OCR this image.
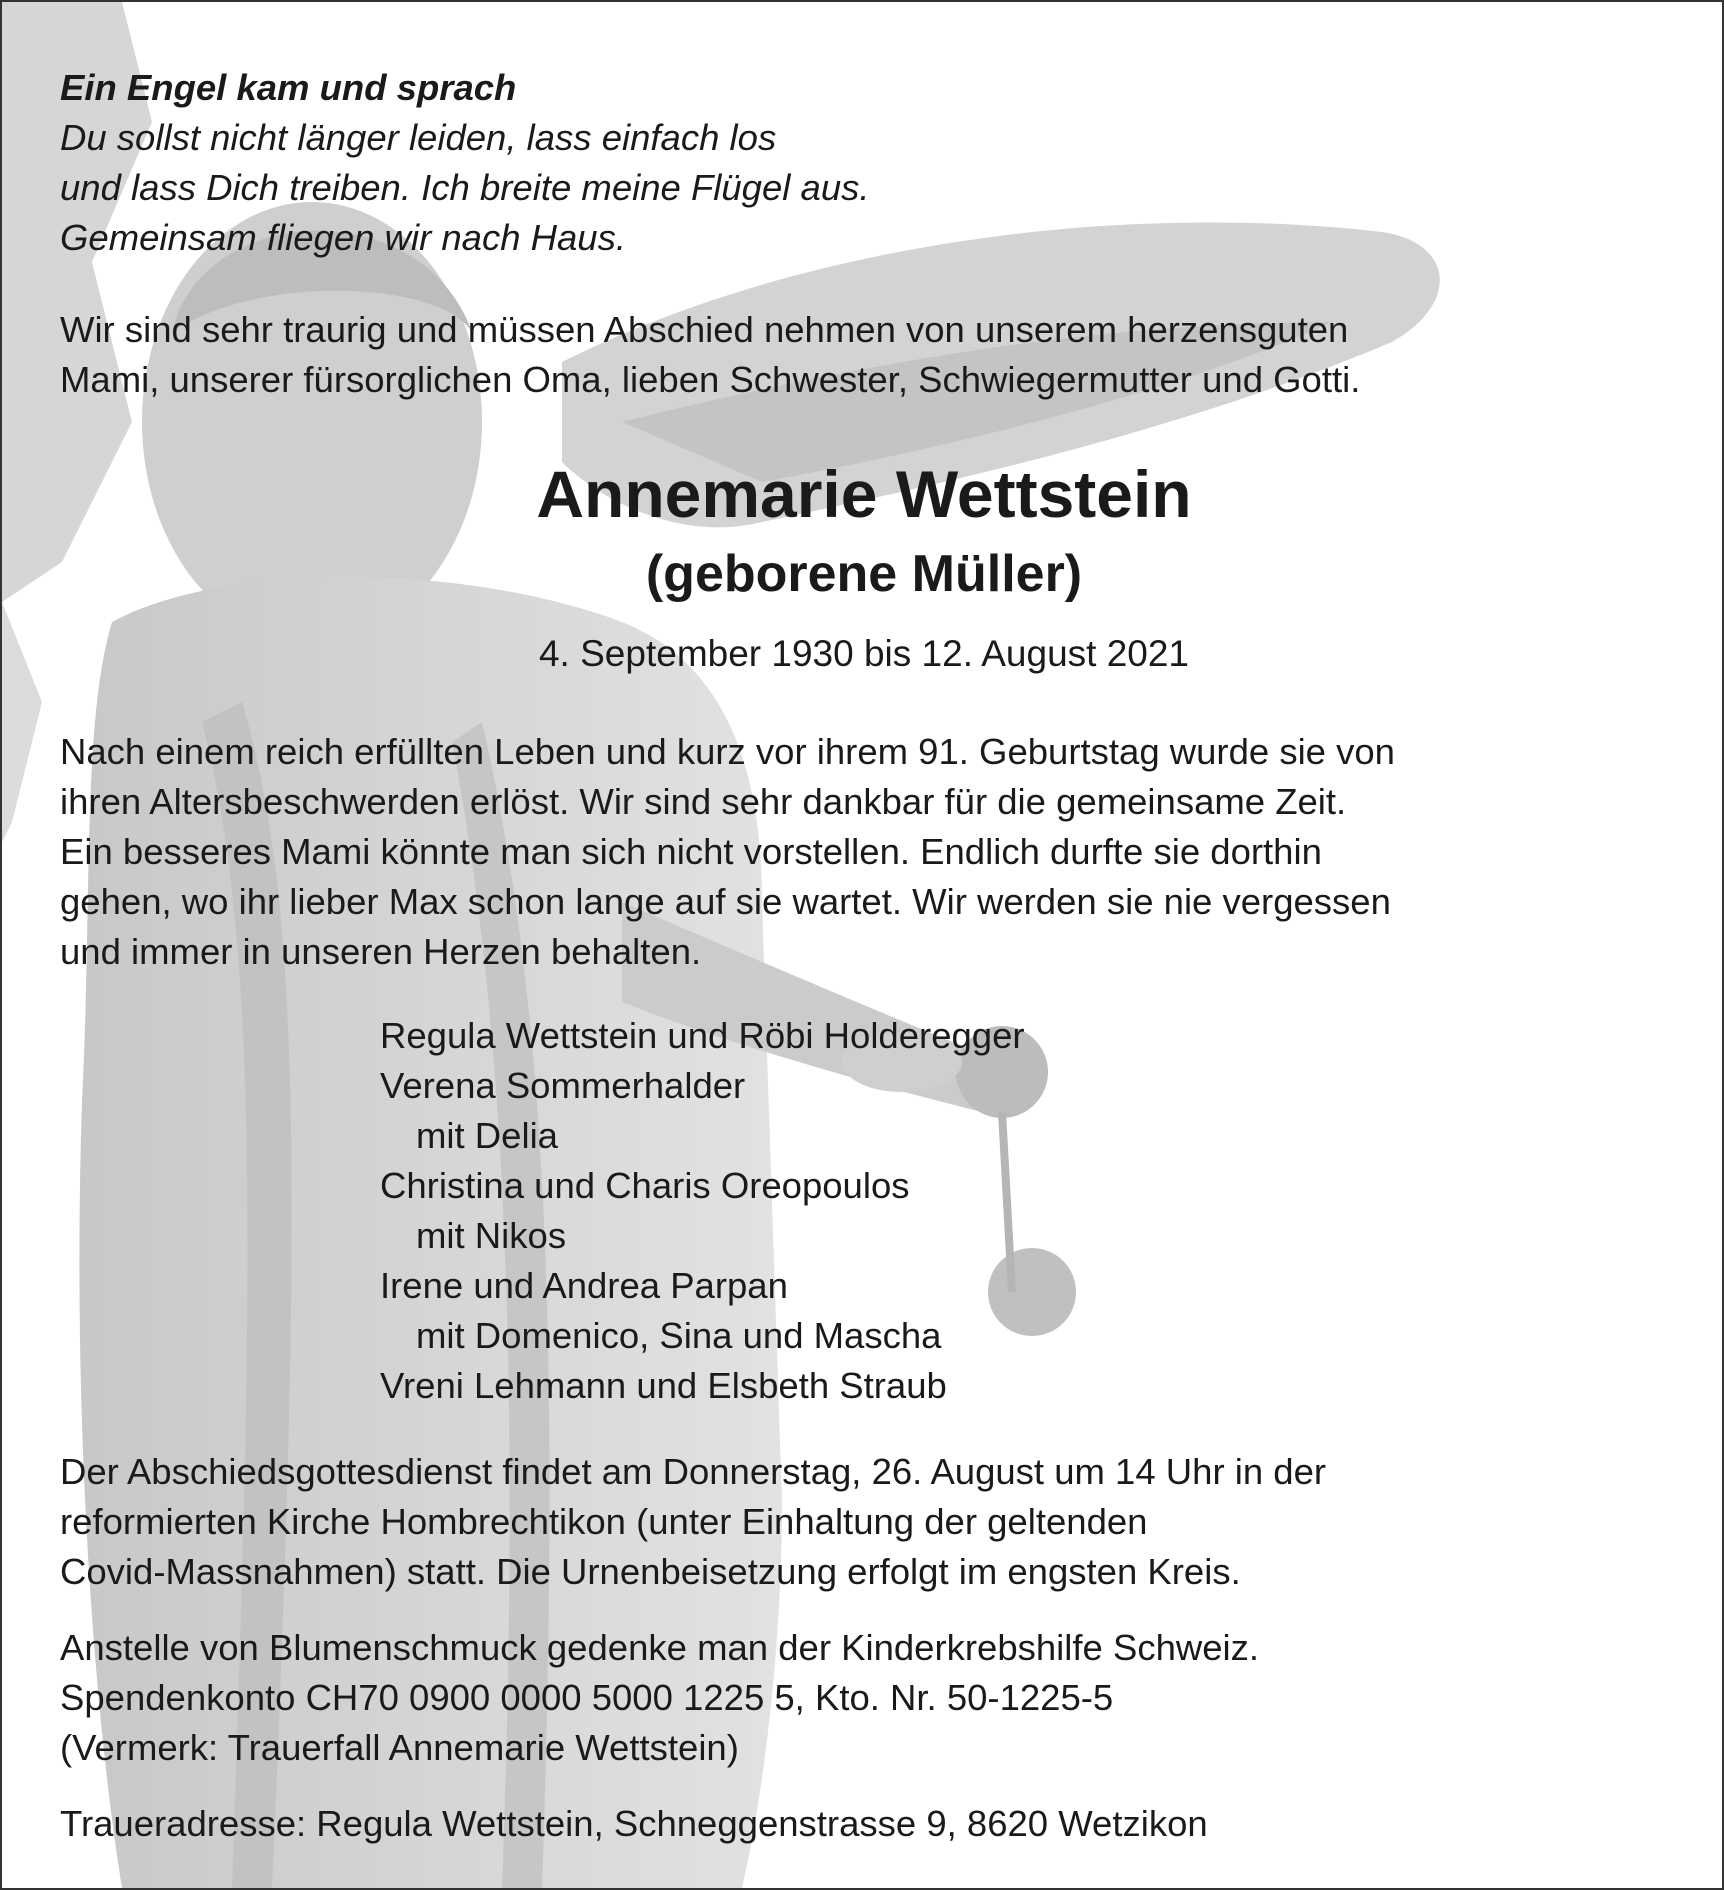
Ein Engel kam und sprach

Du sollst nicht länger leiden, lass einfach los

und lass Dich treiben. Ich breite meine Flügel aus.

Gemeinsam fliegen wir nach Haus.

Wir sind sehr traurig und müssen Abschied nehmen von unserem herzensguten

Mami, unserer fürsorglichen Oma, lieben Schwester, Schwiegermutter und Gotti.

Annemarie Wettstein
(geborene Müller)

4. September 1930 bis 12. August 2021

Nach einem reich erfüllten Leben und kurz vor ihrem 91. Geburtstag wurde sie von

ihren Altersbeschwerden erlöst. Wir sind sehr dankbar für die gemeinsame Zeit.

Ein besseres Mami könnte man sich nicht vorstellen. Endlich durfte sie dorthin

gehen, wo ihr lieber Max schon lange auf sie wartet. Wir werden sie nie vergessen

und immer in unseren Herzen behalten.

Regula Wettstein und Röbi Holderegger

Verena Sommerhalder

mit Delia

Christina und Charis Oreopoulos

mit Nikos

Irene und Andrea Parpan

mit Domenico, Sina und Mascha

Vreni Lehmann und Elsbeth Straub

Der Abschiedsgottesdienst findet am Donnerstag, 26. August um 14 Uhr in der

reformierten Kirche Hombrechtikon (unter Einhaltung der geltenden

Covid-Massnahmen) statt. Die Urnenbeisetzung erfolgt im engsten Kreis.

Anstelle von Blumenschmuck gedenke man der Kinderkrebshilfe Schweiz.

Spendenkonto CH70 0900 0000 5000 1225 5, Kto. Nr. 50-1225-5

(Vermerk: Trauerfall Annemarie Wettstein)

Traueradresse: Regula Wettstein, Schneggenstrasse 9, 8620 Wetzikon
